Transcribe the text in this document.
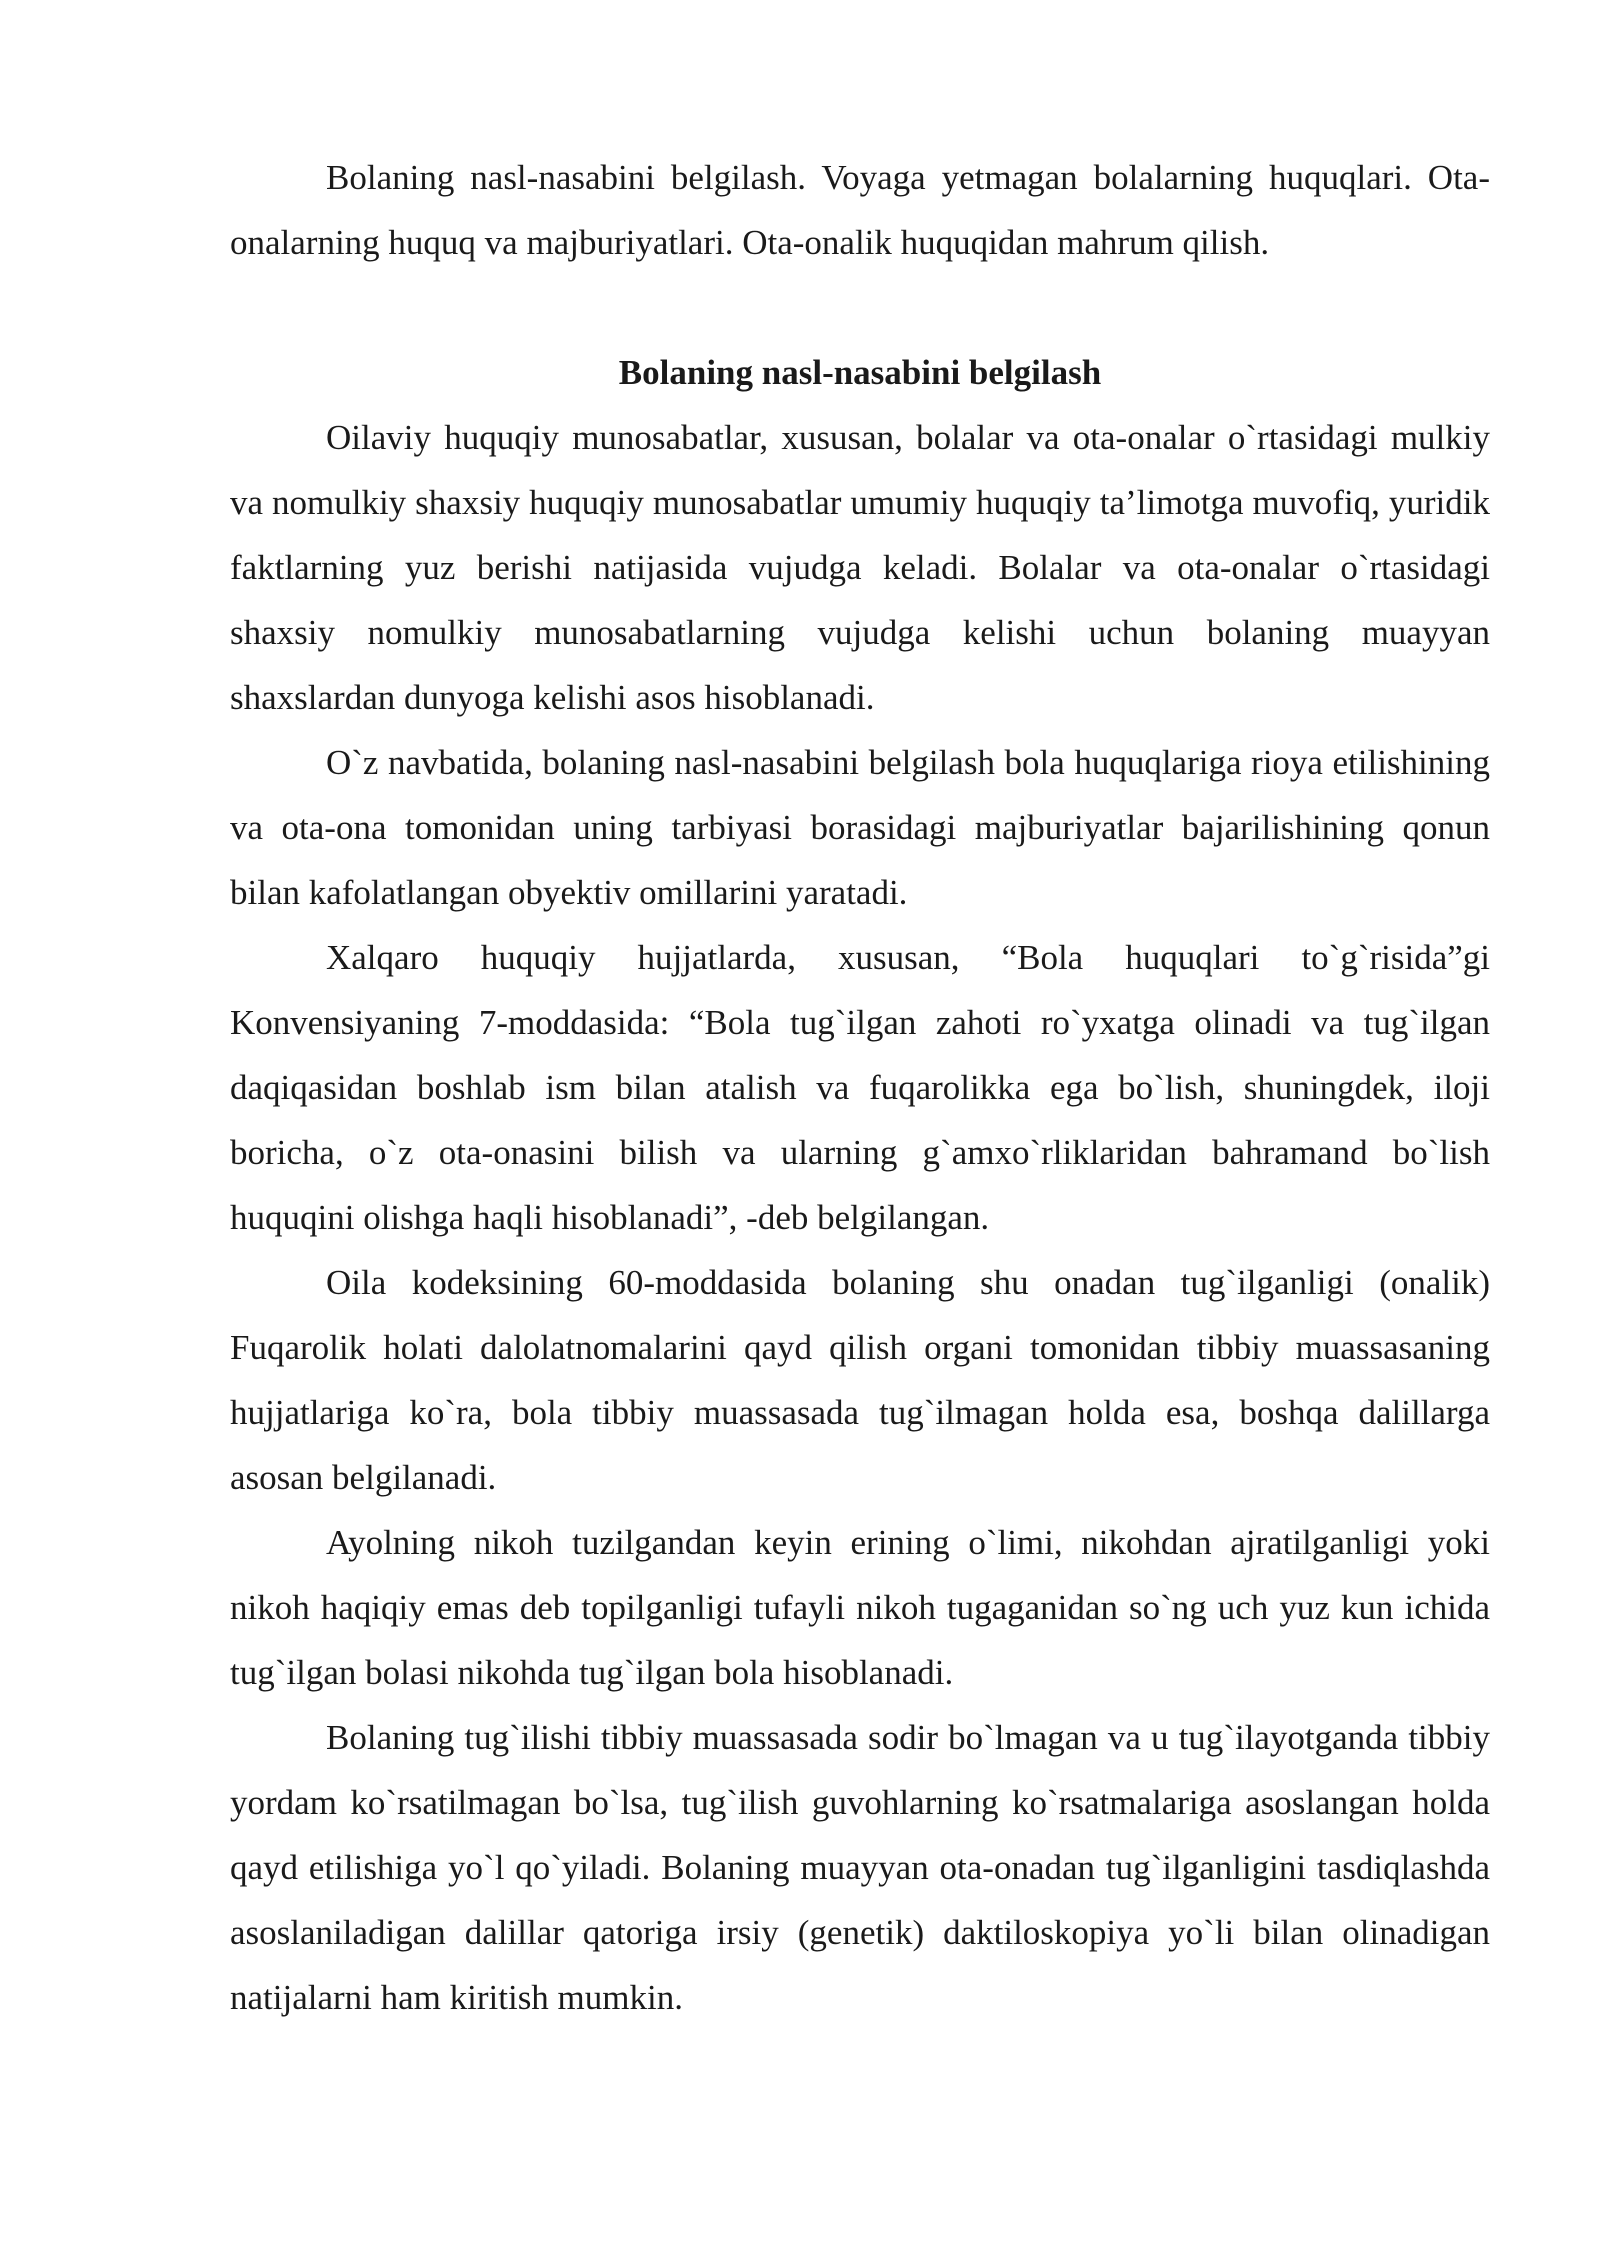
Bolaning nasl-nasabini belgilash. Voyaga yetmagan bolalarning huquqlari. Ota-onalarning huquq va majburiyatlari. Ota-onalik huquqidan mahrum qilish.

Bolaning nasl-nasabini belgilash

Oilaviy huquqiy munosabatlar, xususan, bolalar va ota-onalar o`rtasidagi mulkiy va nomulkiy shaxsiy huquqiy munosabatlar umumiy huquqiy ta’limotga muvofiq, yuridik faktlarning yuz berishi natijasida vujudga keladi. Bolalar va ota-onalar o`rtasidagi shaxsiy nomulkiy munosabatlarning vujudga kelishi uchun bolaning muayyan shaxslardan dunyoga kelishi asos hisoblanadi.

O`z navbatida, bolaning nasl-nasabini belgilash bola huquqlariga rioya etilishining va ota-ona tomonidan uning tarbiyasi borasidagi majburiyatlar bajarilishining qonun bilan kafolatlangan obyektiv omillarini yaratadi.

Xalqaro huquqiy hujjatlarda, xususan, “Bola huquqlari to`g`risida”gi Konvensiyaning 7-moddasida: “Bola tug`ilgan zahoti ro`yxatga olinadi va tug`ilgan daqiqasidan boshlab ism bilan atalish va fuqarolikka ega bo`lish, shuningdek, iloji boricha, o`z ota-onasini bilish va ularning g`amxo`rliklaridan bahramand bo`lish huquqini olishga haqli hisoblanadi”, -deb belgilangan.

Oila kodeksining 60-moddasida bolaning shu onadan tug`ilganligi (onalik) Fuqarolik holati dalolatnomalarini qayd qilish organi tomonidan tibbiy muassasaning hujjatlariga ko`ra, bola tibbiy muassasada tug`ilmagan holda esa, boshqa dalillarga asosan belgilanadi.

Ayolning nikoh tuzilgandan keyin erining o`limi, nikohdan ajratilganligi yoki nikoh haqiqiy emas deb topilganligi tufayli nikoh tugaganidan so`ng uch yuz kun ichida tug`ilgan bolasi nikohda tug`ilgan bola hisoblanadi.

Bolaning tug`ilishi tibbiy muassasada sodir bo`lmagan va u tug`ilayotganda tibbiy yordam ko`rsatilmagan bo`lsa, tug`ilish guvohlarning ko`rsatmalariga asoslangan holda qayd etilishiga yo`l qo`yiladi. Bolaning muayyan ota-onadan tug`ilganligini tasdiqlashda asoslaniladigan dalillar qatoriga irsiy (genetik) daktiloskopiya yo`li bilan olinadigan natijalarni ham kiritish mumkin.
